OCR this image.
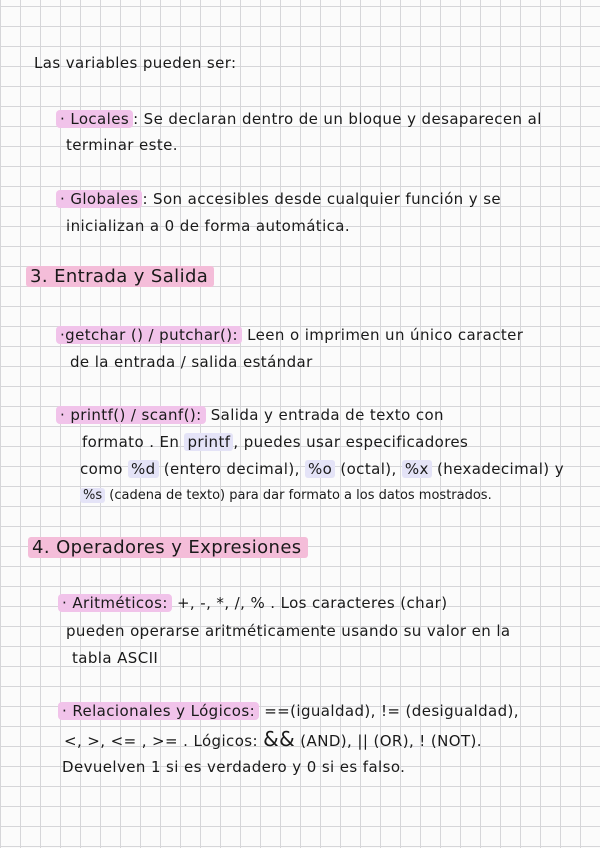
Las variables pueden ser:
· Locales : Se declaran dentro de un bloque y desaparecen al
terminar este.
· Globales : Son accesibles desde cualquier función y se
inicializan a 0 de forma automática.
3. Entrada y Salida
·getchar () / putchar(): Leen o imprimen un único caracter
de la entrada / salida estándar
· printf() / scanf(): Salida y entrada de texto con
formato . En printf , puedes usar especificadores
como %d (entero decimal), %o (octal), %x (hexadecimal) y
%s (cadena de texto) para dar formato a los datos mostrados.
4. Operadores y Expresiones
· Aritméticos: +, -, *, /, % . Los caracteres (char)
pueden operarse aritméticamente usando su valor en la
tabla ASCII
· Relacionales y Lógicos: ==(igualdad), != (desigualdad),
<, >, <= , >= . Lógicos: && (AND), || (OR), ! (NOT).
Devuelven 1 si es verdadero y 0 si es falso.
